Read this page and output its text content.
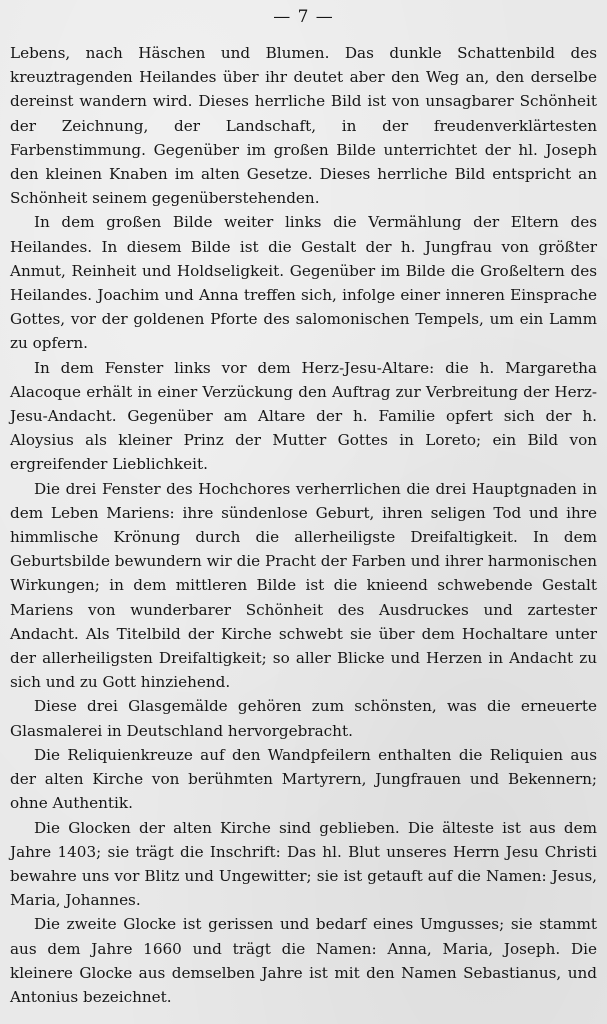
— 7 —

Lebens, nach Häschen und Blumen. Das dunkle Schattenbild des kreuztragenden Heilandes über ihr deutet aber den Weg an, den derselbe dereinst wandern wird. Dieses herrliche Bild ist von unsagbarer Schönheit der Zeichnung, der Landschaft, in der freudenverklärtesten Farbenstimmung. Gegenüber im großen Bilde unterrichtet der hl. Joseph den kleinen Knaben im alten Gesetze. Dieses herrliche Bild entspricht an Schönheit seinem gegenüberstehenden.

In dem großen Bilde weiter links die Vermählung der Eltern des Heilandes. In diesem Bilde ist die Gestalt der h. Jungfrau von größter Anmut, Reinheit und Holdseligkeit. Gegenüber im Bilde die Großeltern des Heilandes. Joachim und Anna treffen sich, infolge einer inneren Einsprache Gottes, vor der goldenen Pforte des salomonischen Tempels, um ein Lamm zu opfern.

In dem Fenster links vor dem Herz-Jesu-Altare: die h. Margaretha Alacoque erhält in einer Verzückung den Auftrag zur Verbreitung der Herz-Jesu-Andacht. Gegenüber am Altare der h. Familie opfert sich der h. Aloysius als kleiner Prinz der Mutter Gottes in Loreto; ein Bild von ergreifender Lieblichkeit.

Die drei Fenster des Hochchores verherrlichen die drei Hauptgnaden in dem Leben Mariens: ihre sündenlose Geburt, ihren seligen Tod und ihre himmlische Krönung durch die allerheiligste Dreifaltigkeit. In dem Geburtsbilde bewundern wir die Pracht der Farben und ihrer harmonischen Wirkungen; in dem mittleren Bilde ist die knieend schwebende Gestalt Mariens von wunderbarer Schönheit des Ausdruckes und zartester Andacht. Als Titelbild der Kirche schwebt sie über dem Hochaltare unter der allerheiligsten Dreifaltigkeit; so aller Blicke und Herzen in Andacht zu sich und zu Gott hinziehend.

Diese drei Glasgemälde gehören zum schönsten, was die erneuerte Glasmalerei in Deutschland hervorgebracht.

Die Reliquienkreuze auf den Wandpfeilern enthalten die Reliquien aus der alten Kirche von berühmten Martyrern, Jungfrauen und Bekennern; ohne Authentik.

Die Glocken der alten Kirche sind geblieben. Die älteste ist aus dem Jahre 1403; sie trägt die Inschrift: Das hl. Blut unseres Herrn Jesu Christi bewahre uns vor Blitz und Ungewitter; sie ist getauft auf die Namen: Jesus, Maria, Johannes.

Die zweite Glocke ist gerissen und bedarf eines Umgusses; sie stammt aus dem Jahre 1660 und trägt die Namen: Anna, Maria, Joseph. Die kleinere Glocke aus demselben Jahre ist mit den Namen Sebastianus, und Antonius bezeichnet.
